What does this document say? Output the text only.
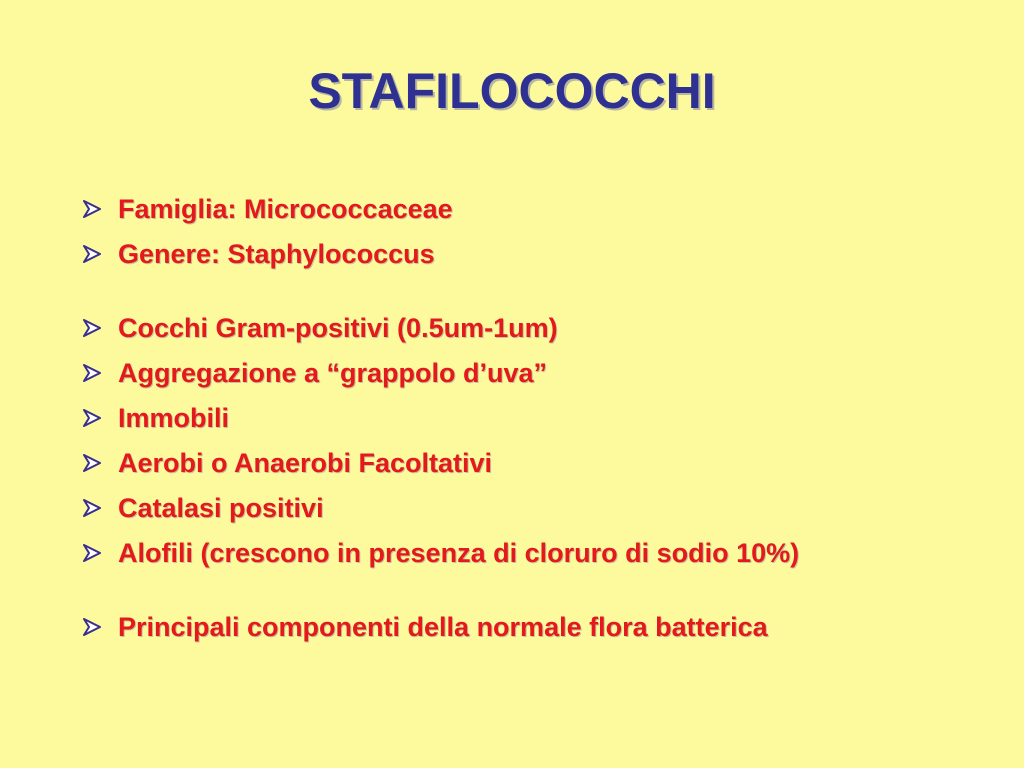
STAFILOCOCCHI
Famiglia: Micrococcaceae
Genere: Staphylococcus
Cocchi Gram-positivi (0.5um-1um)
Aggregazione a “grappolo d’uva”
Immobili
Aerobi o Anaerobi Facoltativi
Catalasi positivi
Alofili (crescono in presenza di cloruro di sodio 10%)
Principali componenti della normale flora batterica
